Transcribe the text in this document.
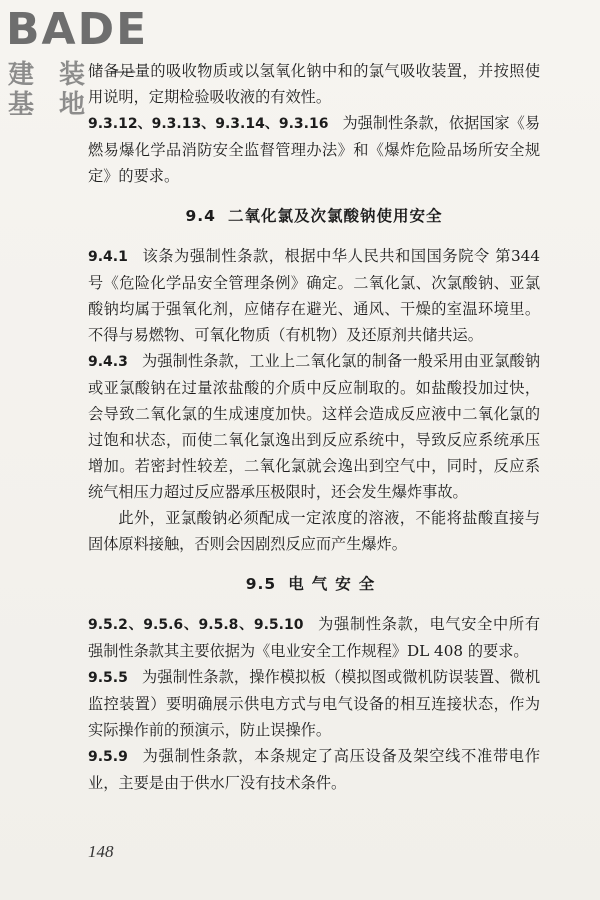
BADE
建 装 一 基 地

储备足量的吸收物质或以氢氧化钠中和的氯气吸收装置，并按照使用说明，定期检验吸收液的有效性。

9.3.12、9.3.13、9.3.14、9.3.16 为强制性条款，依据国家《易燃易爆化学品消防安全监督管理办法》和《爆炸危险品场所安全规定》的要求。

9.4 二氧化氯及次氯酸钠使用安全

9.4.1 该条为强制性条款，根据中华人民共和国国务院令 第344号《危险化学品安全管理条例》确定。二氧化氯、次氯酸钠、亚氯酸钠均属于强氧化剂，应储存在避光、通风、干燥的室温环境里。不得与易燃物、可氧化物质（有机物）及还原剂共储共运。

9.4.3 为强制性条款，工业上二氧化氯的制备一般采用由亚氯酸钠或亚氯酸钠在过量浓盐酸的介质中反应制取的。如盐酸投加过快，会导致二氧化氯的生成速度加快。这样会造成反应液中二氧化氯的过饱和状态，而使二氧化氯逸出到反应系统中，导致反应系统承压增加。若密封性较差，二氧化氯就会逸出到空气中，同时，反应系统气相压力超过反应器承压极限时，还会发生爆炸事故。

此外，亚氯酸钠必须配成一定浓度的溶液，不能将盐酸直接与固体原料接触，否则会因剧烈反应而产生爆炸。

9.5 电气安全

9.5.2、9.5.6、9.5.8、9.5.10 为强制性条款，电气安全中所有强制性条款其主要依据为《电业安全工作规程》DL 408 的要求。

9.5.5 为强制性条款，操作模拟板（模拟图或微机防误装置、微机监控装置）要明确展示供电方式与电气设备的相互连接状态，作为实际操作前的预演示，防止误操作。

9.5.9 为强制性条款，本条规定了高压设备及架空线不准带电作业，主要是由于供水厂没有技术条件。

148
